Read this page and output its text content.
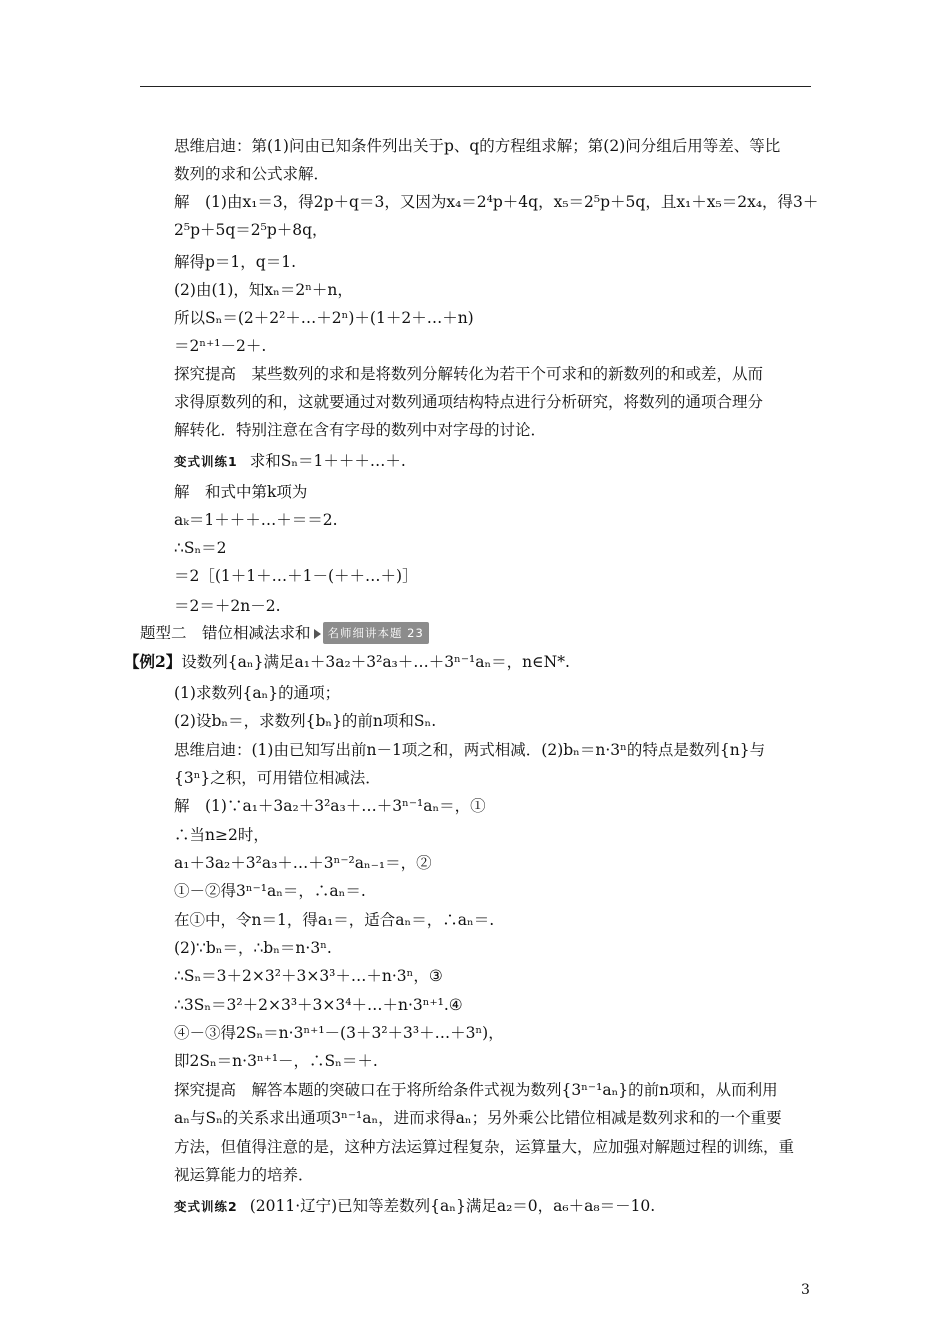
思维启迪：第(1)问由已知条件列出关于p、q的方程组求解；第(2)问分组后用等差、等比
数列的求和公式求解．
解　(1)由x₁＝3，得2p＋q＝3，又因为x₄＝2⁴p＋4q，x₅＝2⁵p＋5q，且x₁＋x₅＝2x₄，得3＋
2⁵p＋5q＝2⁵p＋8q，
解得p＝1，q＝1.
(2)由(1)，知xₙ＝2ⁿ＋n，
所以Sₙ＝(2＋2²＋…＋2ⁿ)＋(1＋2＋…＋n)
＝2ⁿ⁺¹－2＋.
探究提高　某些数列的求和是将数列分解转化为若干个可求和的新数列的和或差，从而
求得原数列的和，这就要通过对数列通项结构特点进行分析研究，将数列的通项合理分
解转化．特别注意在含有字母的数列中对字母的讨论．
变式训练1 求和Sₙ＝1＋＋＋…＋.
解　和式中第k项为
aₖ＝1＋＋＋…＋＝＝2.
∴Sₙ＝2
＝2［(1＋1＋…＋1－(＋＋…＋)］
＝2＝＋2n－2.
题型二　错位相减法求和 名师细讲本题 23
【例2】设数列{aₙ}满足a₁＋3a₂＋3²a₃＋…＋3ⁿ⁻¹aₙ＝，n∈N*.
(1)求数列{aₙ}的通项；
(2)设bₙ＝，求数列{bₙ}的前n项和Sₙ.
思维启迪：(1)由已知写出前n－1项之和，两式相减．(2)bₙ＝n·3ⁿ的特点是数列{n}与
{3ⁿ}之积，可用错位相减法．
解　(1)∵a₁＋3a₂＋3²a₃＋…＋3ⁿ⁻¹aₙ＝，①
∴当n≥2时，
a₁＋3a₂＋3²a₃＋…＋3ⁿ⁻²aₙ₋₁＝，②
①－②得3ⁿ⁻¹aₙ＝，∴aₙ＝.
在①中，令n＝1，得a₁＝，适合aₙ＝，∴aₙ＝.
(2)∵bₙ＝，∴bₙ＝n·3ⁿ.
∴Sₙ＝3＋2×3²＋3×3³＋…＋n·3ⁿ，③
∴3Sₙ＝3²＋2×3³＋3×3⁴＋…＋n·3ⁿ⁺¹.④
④－③得2Sₙ＝n·3ⁿ⁺¹－(3＋3²＋3³＋…＋3ⁿ)，
即2Sₙ＝n·3ⁿ⁺¹－，∴Sₙ＝＋.
探究提高　解答本题的突破口在于将所给条件式视为数列{3ⁿ⁻¹aₙ}的前n项和，从而利用
aₙ与Sₙ的关系求出通项3ⁿ⁻¹aₙ，进而求得aₙ；另外乘公比错位相减是数列求和的一个重要
方法，但值得注意的是，这种方法运算过程复杂，运算量大，应加强对解题过程的训练，重
视运算能力的培养．
变式训练2 (2011·辽宁)已知等差数列{aₙ}满足a₂＝0，a₆＋a₈＝－10.
3
